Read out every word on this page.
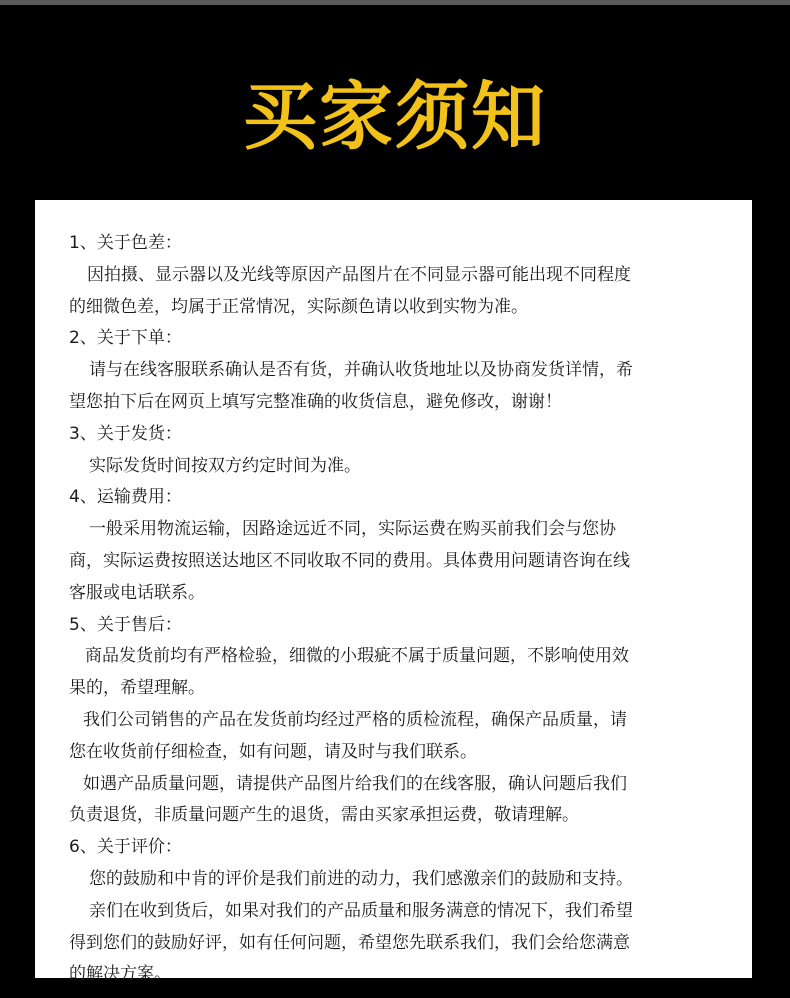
买家须知
1、关于色差：
因拍摄、显示器以及光线等原因产品图片在不同显示器可能出现不同程度
的细微色差，均属于正常情况，实际颜色请以收到实物为准。
2、关于下单：
请与在线客服联系确认是否有货，并确认收货地址以及协商发货详情，希
望您拍下后在网页上填写完整准确的收货信息，避免修改，谢谢！
3、关于发货：
实际发货时间按双方约定时间为准。
4、运输费用：
一般采用物流运输，因路途远近不同，实际运费在购买前我们会与您协
商，实际运费按照送达地区不同收取不同的费用。具体费用问题请咨询在线
客服或电话联系。
5、关于售后：
商品发货前均有严格检验，细微的小瑕疵不属于质量问题，不影响使用效
果的，希望理解。
我们公司销售的产品在发货前均经过严格的质检流程，确保产品质量，请
您在收货前仔细检查，如有问题，请及时与我们联系。
如遇产品质量问题，请提供产品图片给我们的在线客服，确认问题后我们
负责退货，非质量问题产生的退货，需由买家承担运费，敬请理解。
6、关于评价：
您的鼓励和中肯的评价是我们前进的动力，我们感激亲们的鼓励和支持。
亲们在收到货后，如果对我们的产品质量和服务满意的情况下，我们希望
得到您们的鼓励好评，如有任何问题，希望您先联系我们，我们会给您满意
的解决方案。
